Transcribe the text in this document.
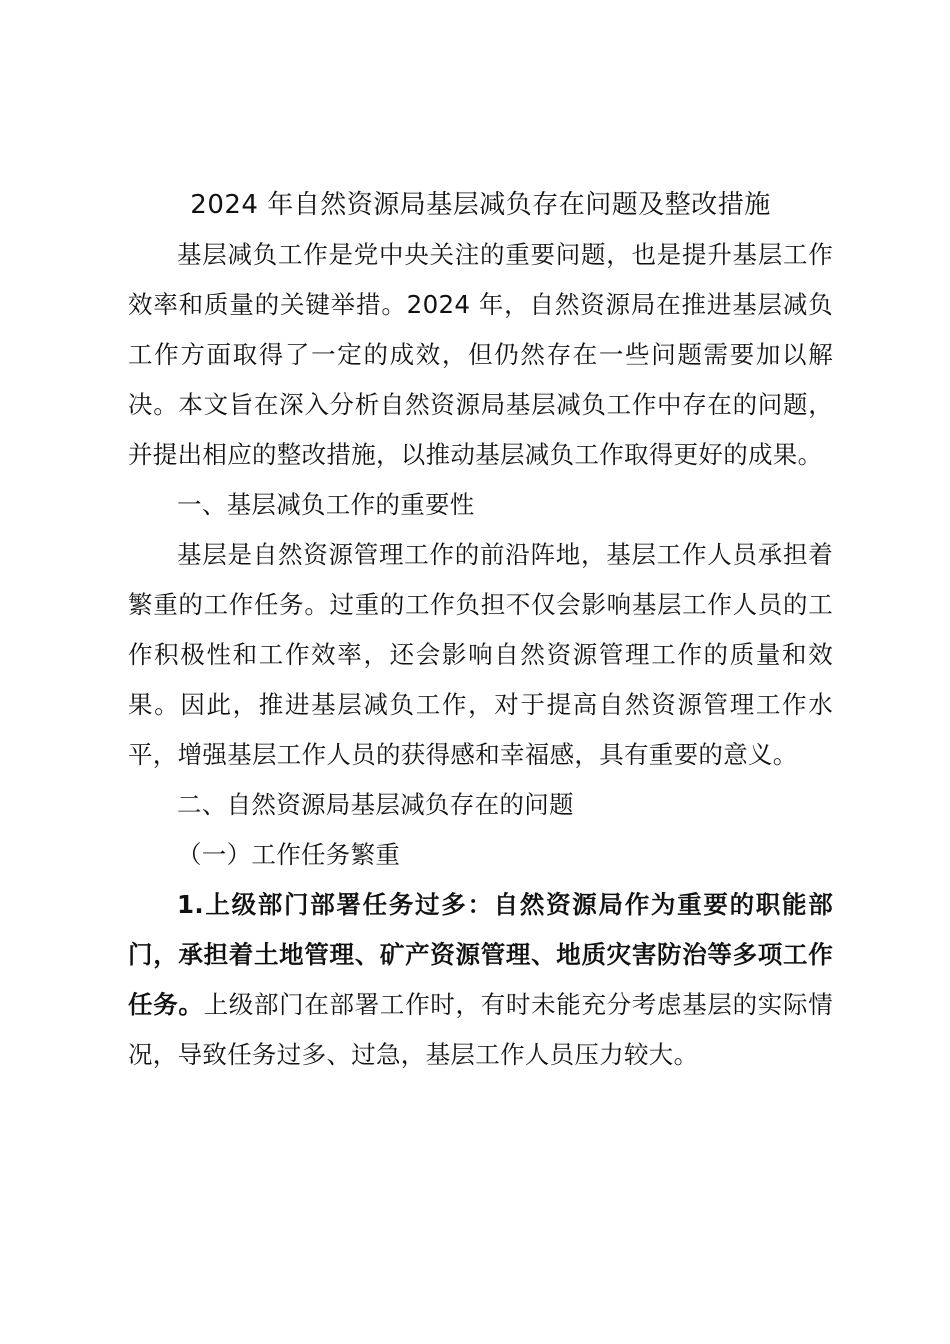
2024 年自然资源局基层减负存在问题及整改措施

基层减负工作是党中央关注的重要问题，也是提升基层工作效率和质量的关键举措。2024 年，自然资源局在推进基层减负工作方面取得了一定的成效，但仍然存在一些问题需要加以解决。本文旨在深入分析自然资源局基层减负工作中存在的问题，并提出相应的整改措施，以推动基层减负工作取得更好的成果。

一、基层减负工作的重要性

基层是自然资源管理工作的前沿阵地，基层工作人员承担着繁重的工作任务。过重的工作负担不仅会影响基层工作人员的工作积极性和工作效率，还会影响自然资源管理工作的质量和效果。因此，推进基层减负工作，对于提高自然资源管理工作水平，增强基层工作人员的获得感和幸福感，具有重要的意义。

二、自然资源局基层减负存在的问题

（一）工作任务繁重

1.上级部门部署任务过多：自然资源局作为重要的职能部门，承担着土地管理、矿产资源管理、地质灾害防治等多项工作任务。上级部门在部署工作时，有时未能充分考虑基层的实际情况，导致任务过多、过急，基层工作人员压力较大。
